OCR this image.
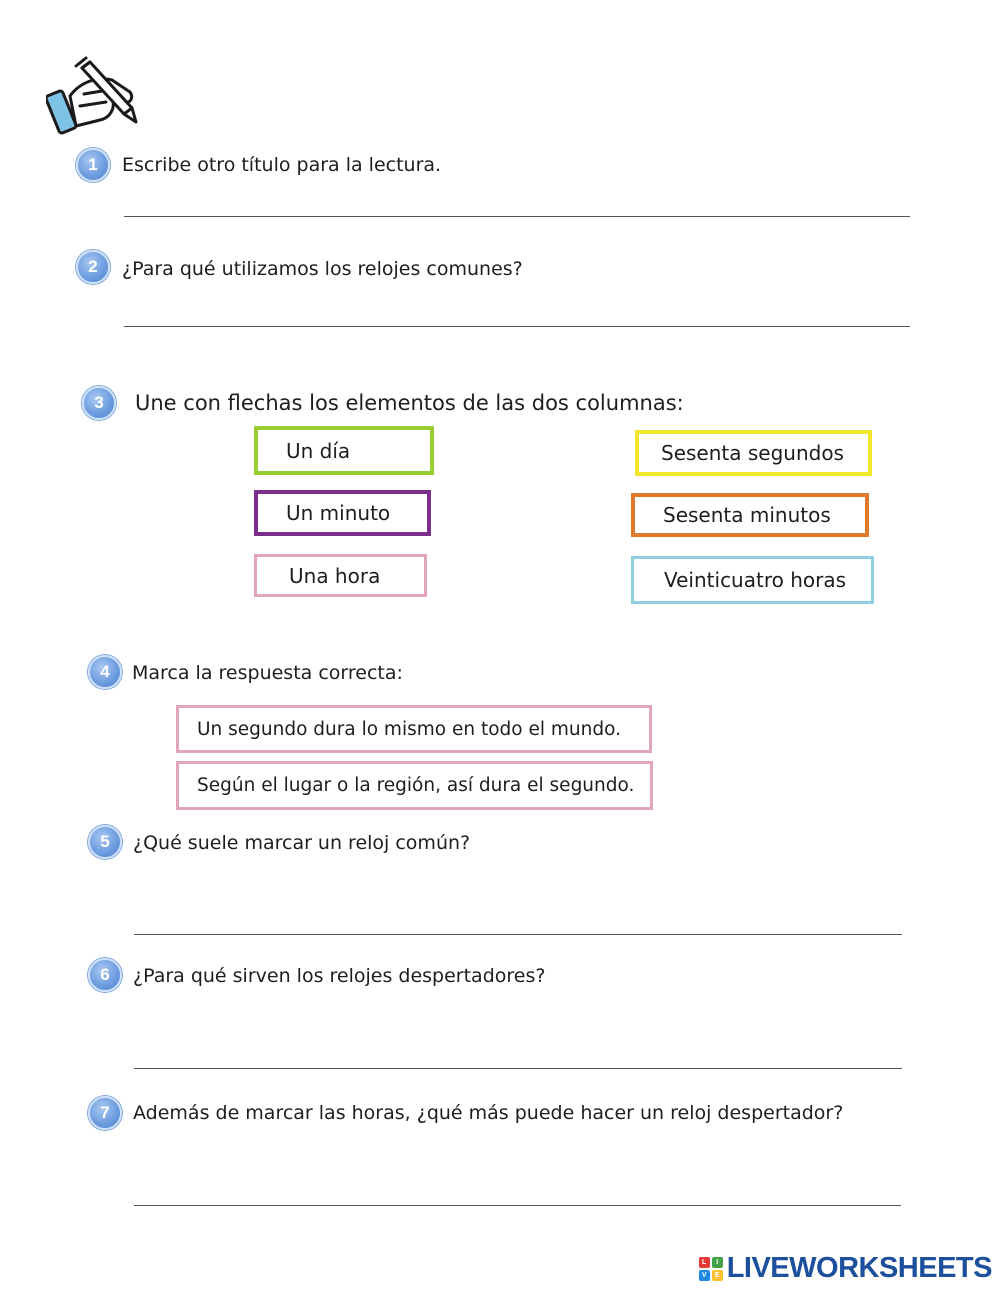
1	Escribe otro título para la lectura.
2	¿Para qué utilizamos los relojes comunes?
3	Une con flechas los elementos de las dos columnas:
Un día
Un minuto
Una hora
Sesenta segundos
Sesenta minutos
Veinticuatro horas
4	Marca la respuesta correcta:
Un segundo dura lo mismo en todo el mundo.
Según el lugar o la región, así dura el segundo.
5	¿Qué suele marcar un reloj común?
6	¿Para qué sirven los relojes despertadores?
7	Además de marcar las horas, ¿qué más puede hacer un reloj despertador?
L	I
V	E LIVEWORKSHEETS
